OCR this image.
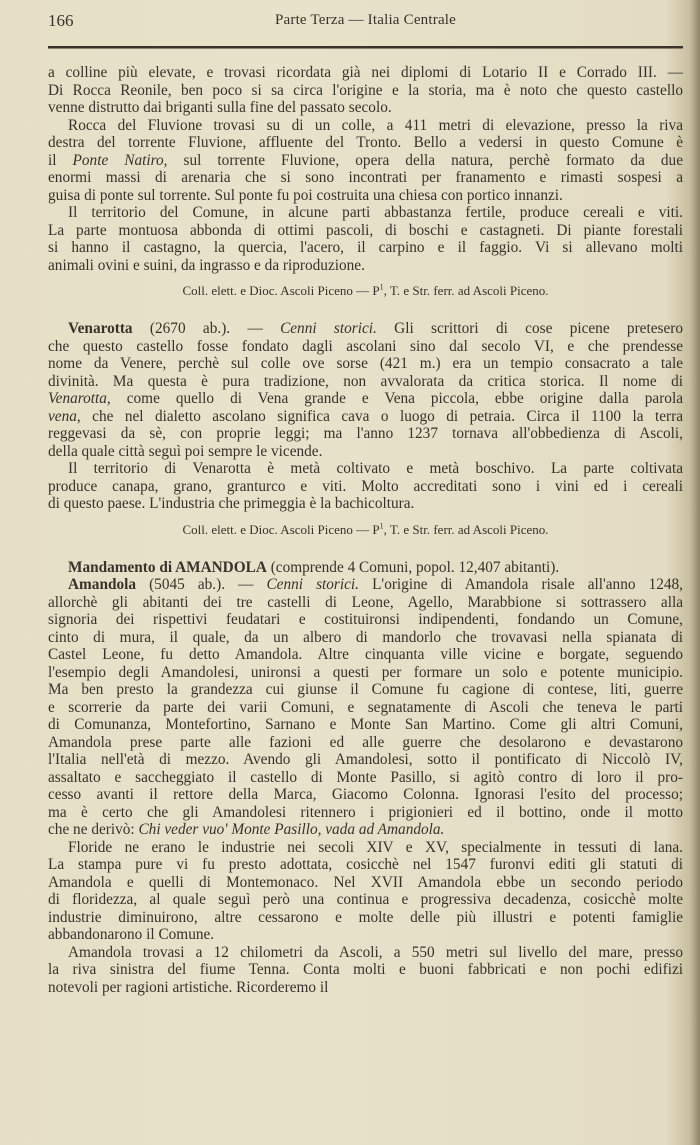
166	Parte Terza — Italia Centrale
a colline più elevate, e trovasi ricordata già nei diplomi di Lotario II e Corrado III. —
Di Rocca Reonile, ben poco si sa circa l'origine e la storia, ma è noto che questo castello
venne distrutto dai briganti sulla fine del passato secolo.
Rocca del Fluvione trovasi su di un colle, a 411 metri di elevazione, presso la riva
destra del torrente Fluvione, affluente del Tronto. Bello a vedersi in questo Comune è
il Ponte Natiro, sul torrente Fluvione, opera della natura, perchè formato da due
enormi massi di arenaria che si sono incontrati per franamento e rimasti sospesi a
guisa di ponte sul torrente. Sul ponte fu poi costruita una chiesa con portico innanzi.
Il territorio del Comune, in alcune parti abbastanza fertile, produce cereali e viti.
La parte montuosa abbonda di ottimi pascoli, di boschi e castagneti. Di piante forestali
si hanno il castagno, la quercia, l'acero, il carpino e il faggio. Vi si allevano molti
animali ovini e suini, da ingrasso e da riproduzione.
Coll. elett. e Dioc. Ascoli Piceno — $P^1$, T. e Str. ferr. ad Ascoli Piceno.
Venarotta (2670 ab.). — Cenni storici. Gli scrittori di cose picene pretesero
che questo castello fosse fondato dagli ascolani sino dal secolo VI, e che prendesse
nome da Venere, perchè sul colle ove sorse (421 m.) era un tempio consacrato a tale
divinità. Ma questa è pura tradizione, non avvalorata da critica storica. Il nome di
Venarotta, come quello di Vena grande e Vena piccola, ebbe origine dalla parola
vena, che nel dialetto ascolano significa cava o luogo di petraia. Circa il 1100 la terra
reggevasi da sè, con proprie leggi; ma l'anno 1237 tornava all'obbedienza di Ascoli,
della quale città seguì poi sempre le vicende.
Il territorio di Venarotta è metà coltivato e metà boschivo. La parte coltivata
produce canapa, grano, granturco e viti. Molto accreditati sono i vini ed i cereali
di questo paese. L'industria che primeggia è la bachicoltura.
Coll. elett. e Dioc. Ascoli Piceno — $P^1$, T. e Str. ferr. ad Ascoli Piceno.
Mandamento di AMANDOLA (comprende 4 Comuni, popol. 12,407 abitanti).
Amandola (5045 ab.). — Cenni storici. L'origine di Amandola risale all'anno 1248,
allorchè gli abitanti dei tre castelli di Leone, Agello, Marabbione si sottrassero alla
signoria dei rispettivi feudatari e costituironsi indipendenti, fondando un Comune,
cinto di mura, il quale, da un albero di mandorlo che trovavasi nella spianata di
Castel Leone, fu detto Amandola. Altre cinquanta ville vicine e borgate, seguendo
l'esempio degli Amandolesi, unironsi a questi per formare un solo e potente municipio.
Ma ben presto la grandezza cui giunse il Comune fu cagione di contese, liti, guerre
e scorrerie da parte dei varii Comuni, e segnatamente di Ascoli che teneva le parti
di Comunanza, Montefortino, Sarnano e Monte San Martino. Come gli altri Comuni,
Amandola prese parte alle fazioni ed alle guerre che desolarono e devastarono
l'Italia nell'età di mezzo. Avendo gli Amandolesi, sotto il pontificato di Niccolò IV,
assaltato e saccheggiato il castello di Monte Pasillo, si agitò contro di loro il pro-
cesso avanti il rettore della Marca, Giacomo Colonna. Ignorasi l'esito del processo;
ma è certo che gli Amandolesi ritennero i prigionieri ed il bottino, onde il motto
che ne derivò: Chi veder vuo' Monte Pasillo, vada ad Amandola.
Floride ne erano le industrie nei secoli XIV e XV, specialmente in tessuti di lana.
La stampa pure vi fu presto adottata, cosicchè nel 1547 furonvi editi gli statuti di
Amandola e quelli di Montemonaco. Nel XVII Amandola ebbe un secondo periodo
di floridezza, al quale seguì però una continua e progressiva decadenza, cosicchè molte
industrie diminuirono, altre cessarono e molte delle più illustri e potenti famiglie
abbandonarono il Comune.
Amandola trovasi a 12 chilometri da Ascoli, a 550 metri sul livello del mare, presso
la riva sinistra del fiume Tenna. Conta molti e buoni fabbricati e non pochi edifizi
notevoli per ragioni artistiche. Ricorderemo il
